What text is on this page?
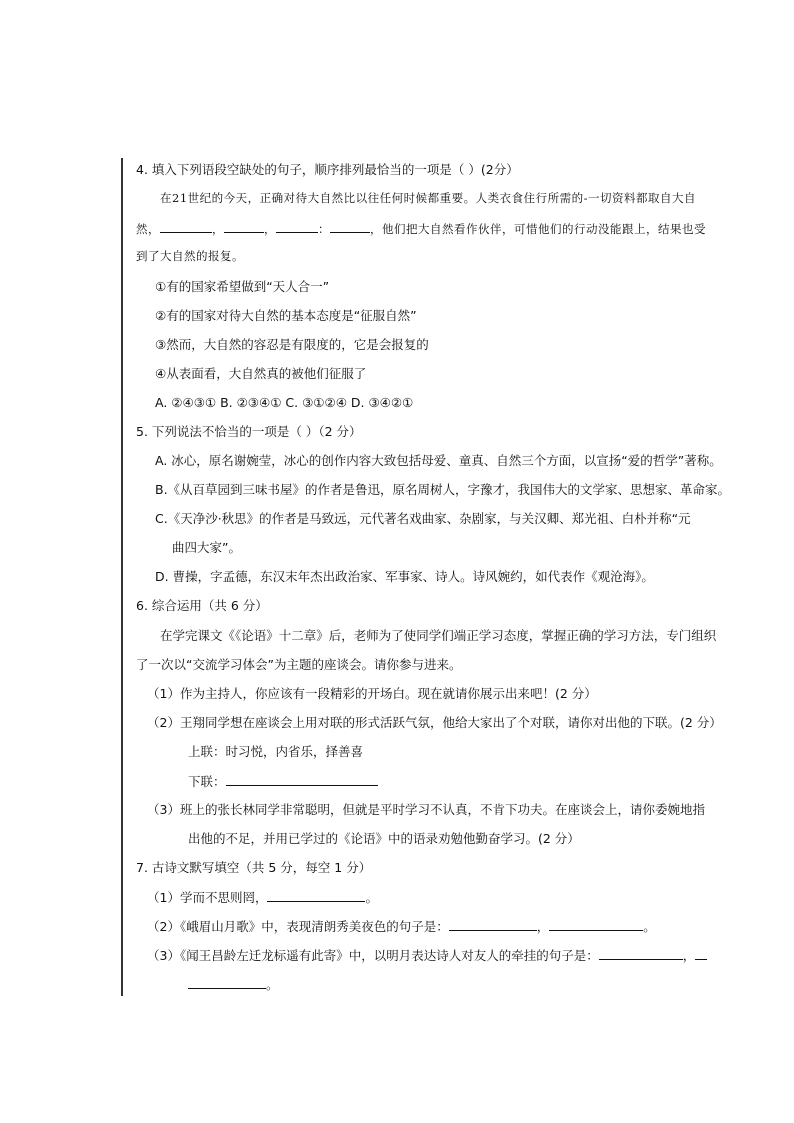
4. 填入下列语段空缺处的句子，顺序排列最恰当的一项是（ ）(2分）
在21世纪的今天，正确对待大自然比以往任何时候都重要。人类衣食住行所需的-一切资料都取自大自
然，	，	，	：	，他们把大自然看作伙伴，可惜他们的行动没能跟上，结果也受
到了大自然的报复。
①有的国家希望做到“天人合一”
②有的国家对待大自然的基本态度是“征服自然”
③然而，大自然的容忍是有限度的，它是会报复的
④从表面看，大自然真的被他们征服了
A. ②④③① B. ②③④① C. ③①②④ D. ③④②①
5. 下列说法不恰当的一项是（ ）（2 分）
A. 冰心，原名谢婉莹，冰心的创作内容大致包括母爱、童真、自然三个方面，以宣扬“爱的哲学”著称。
B.《从百草园到三味书屋》的作者是鲁迅，原名周树人，字豫才，我国伟大的文学家、思想家、革命家。
C.《天净沙·秋思》的作者是马致远，元代著名戏曲家、杂剧家，与关汉卿、郑光祖、白朴并称“元
曲四大家”。
D. 曹操，字孟德，东汉末年杰出政治家、军事家、诗人。诗风婉约，如代表作《观沧海》。
6. 综合运用（共 6 分）
在学完课文《《论语》十二章》后，老师为了使同学们端正学习态度，掌握正确的学习方法，专门组织
了一次以“交流学习体会”为主题的座谈会。请你参与进来。
（1）作为主持人，你应该有一段精彩的开场白。现在就请你展示出来吧！(2 分）
（2）王翔同学想在座谈会上用对联的形式活跃气氛，他给大家出了个对联，请你对出他的下联。(2 分）
上联：时习悦，内省乐，择善喜
下联：
（3）班上的张长林同学非常聪明，但就是平时学习不认真，不肯下功夫。在座谈会上，请你委婉地指
出他的不足，并用已学过的《论语》中的语录劝勉他勤奋学习。(2 分）
7. 古诗文默写填空（共 5 分，每空 1 分）
（1）学而不思则罔，	。
（2）《峨眉山月歌》中，表现清朗秀美夜色的句子是：	，	。
（3）《闻王昌龄左迁龙标遥有此寄》中，以明月表达诗人对友人的牵挂的句子是：	，
。
